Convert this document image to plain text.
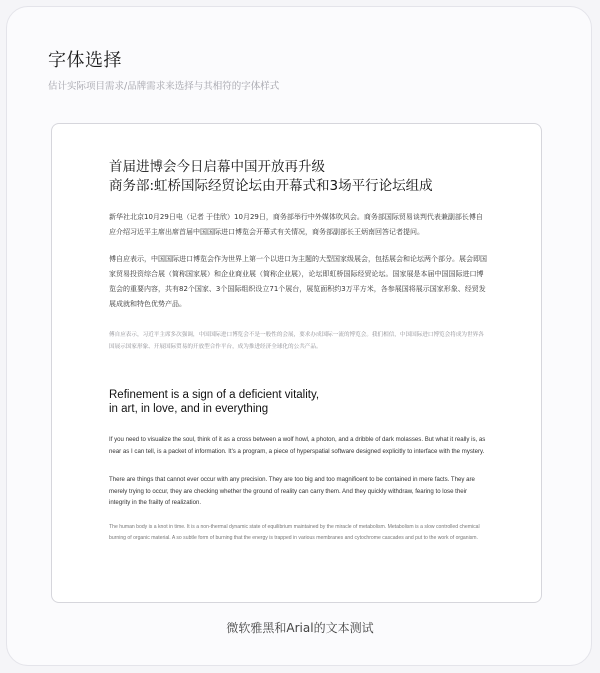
字体选择
估计实际项目需求/品牌需求来选择与其相符的字体样式
首届进博会今日启幕中国开放再升级
商务部:虹桥国际经贸论坛由开幕式和3场平行论坛组成

新华社北京10月29日电（记者 于佳欣）10月29日，商务部举行中外媒体吹风会。商务部国际贸易谈判代表兼副部长傅自应介绍习近平主席出席首届中国国际进口博览会开幕式有关情况，商务部副部长王炳南回答记者提问。

傅自应表示，中国国际进口博览会作为世界上第一个以进口为主题的大型国家级展会，包括展会和论坛两个部分。展会即国家贸易投资综合展（简称国家展）和企业商业展（简称企业展），论坛即虹桥国际经贸论坛。国家展是本届中国国际进口博览会的重要内容，共有82个国家、3个国际组织设立71个展台，展览面积约3万平方米，各参展国将展示国家形象、经贸发展成就和特色优势产品。

傅自应表示，习近平主席多次强调，中国国际进口博览会不是一般性的会展，要求办成国际一流的博览会。我们相信，中国国际进口博览会将成为世界各国展示国家形象、开展国际贸易的开放型合作平台，成为推进经济全球化的公共产品。

Refinement is a sign of a deficient vitality,
in art, in love, and in everything

If you need to visualize the soul, think of it as a cross between a wolf howl, a photon, and a dribble of dark molasses. But what it really is, as near as I can tell, is a packet of information. It's a program, a piece of hyperspatial software designed explicitly to interface with the mystery.

There are things that cannot ever occur with any precision. They are too big and too magnificent to be contained in mere facts. They are merely trying to occur, they are checking whether the ground of reality can carry them. And they quickly withdraw, fearing to lose their integrity in the frailty of realization.

The human body is a knot in time. It is a non-thermal dynamic state of equilibrium maintained by the miracle of metabolism. Metabolism is a slow controlled chemical burning of organic material. A so subtle form of burning that the energy is trapped in various membranes and cytochrome cascades and put to the work of organism.

微软雅黑和Arial的文本测试
